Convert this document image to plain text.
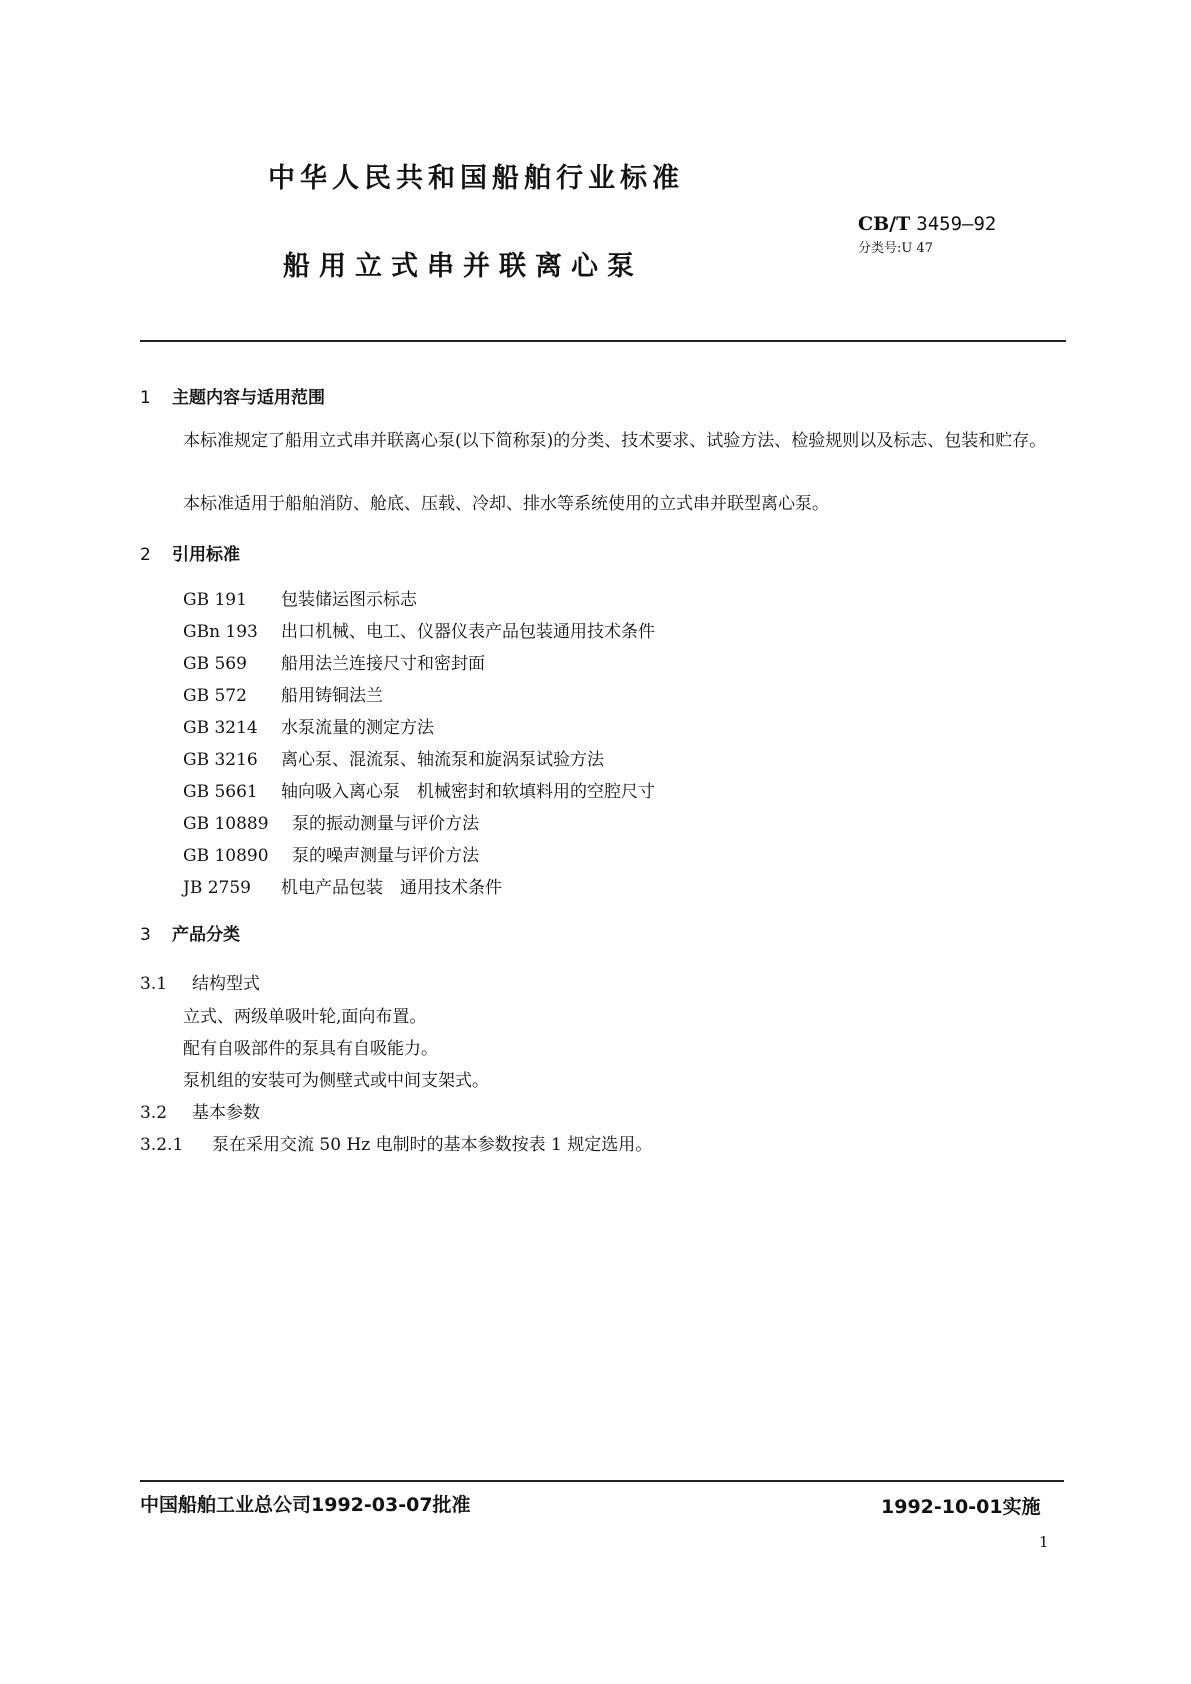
中华人民共和国船舶行业标准
船用立式串并联离心泵
CB/T 3459—92
分类号:U 47
1 主题内容与适用范围
本标准规定了船用立式串并联离心泵(以下简称泵)的分类、技术要求、试验方法、检验规则以及标志、包装和贮存。
本标准适用于船舶消防、舱底、压载、冷却、排水等系统使用的立式串并联型离心泵。
2 引用标准
GB 191 包装储运图示标志
GBn 193 出口机械、电工、仪器仪表产品包装通用技术条件
GB 569 船用法兰连接尺寸和密封面
GB 572 船用铸铜法兰
GB 3214 水泵流量的测定方法
GB 3216 离心泵、混流泵、轴流泵和旋涡泵试验方法
GB 5661 轴向吸入离心泵　机械密封和软填料用的空腔尺寸
GB 10889 泵的振动测量与评价方法
GB 10890 泵的噪声测量与评价方法
JB 2759 机电产品包装　通用技术条件
3 产品分类
3.1 结构型式
立式、两级单吸叶轮,面向布置。
配有自吸部件的泵具有自吸能力。
泵机组的安装可为侧壁式或中间支架式。
3.2 基本参数
3.2.1 泵在采用交流 50 Hz 电制时的基本参数按表 1 规定选用。
中国船舶工业总公司1992-03-07批准	1992-10-01实施
1
